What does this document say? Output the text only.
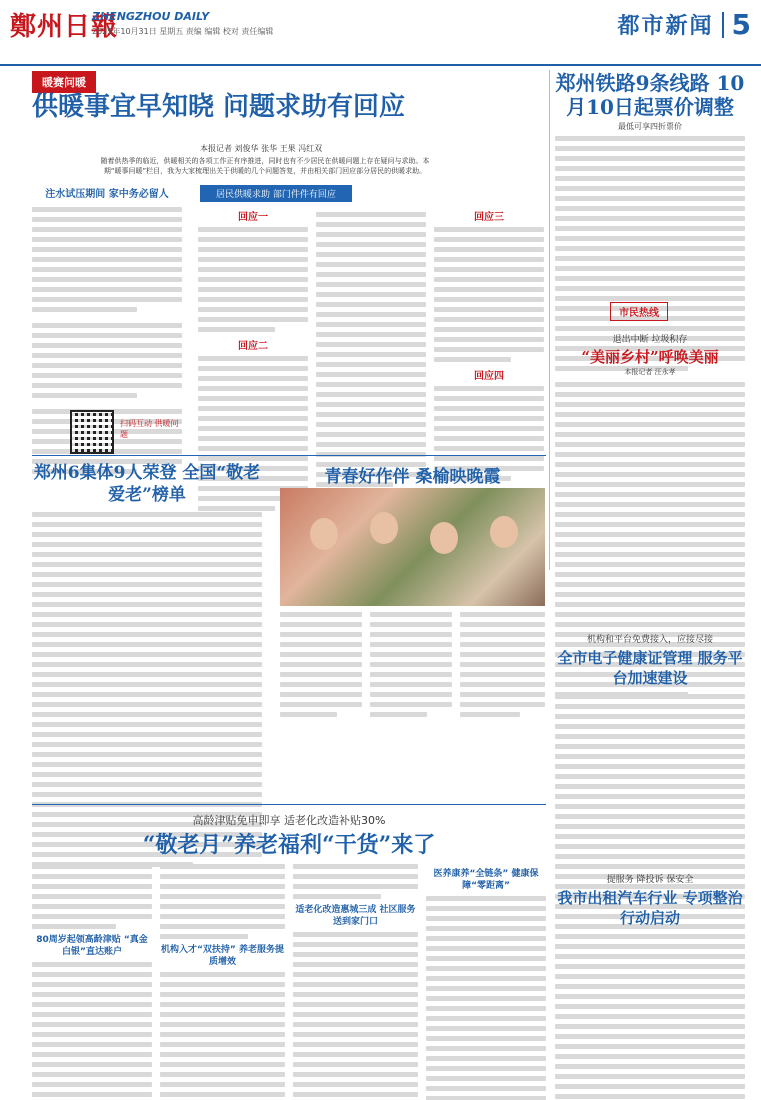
鄭州日報
ZHENGZHOU DAILY
2025年10月31日 星期五 责编 编辑 校对 责任编辑	都市新闻 5
暖赛问暖
供暖事宜早知晓 问题求助有回应
本报记者 刘俊华 张华 王果 冯红双
随着供热季的临近，供暖相关的各项工作正有序推进，同时也有不少居民在供暖问题上存在疑问与求助。本期“暖事问暖”栏目，我为大家梳理出关于供暖的几个问题答复，并由相关部门回应部分居民的供暖求助。
居民供暖求助 部门件件有回应
注水试压期间 家中务必留人
扫码互动 供暖问题
回应一
回应二
回应三
回应四
郑州铁路9条线路 10月10日起票价调整
最低可享四折票价
市民热线
退出中断 垃圾积存
“美丽乡村”呼唤美丽
本报记者 汪永孝
郑州6集体9人荣登 全国“敬老爱老”榜单
青春好作伴 桑榆映晚霞
机构和平台免费接入，应接尽接
全市电子健康证管理 服务平台加速建设
高龄津贴免申即享 适老化改造补贴30%
“敬老月”养老福利“干货”来了
80周岁起领高龄津贴 “真金白银”直达账户	机构入才“双扶持” 养老服务提质增效
适老化改造惠城三成 社区服务送到家门口
医养康养“全链条” 健康保障“零距离”
提服务 降投诉 保安全
我市出租汽车行业 专项整治行动启动
